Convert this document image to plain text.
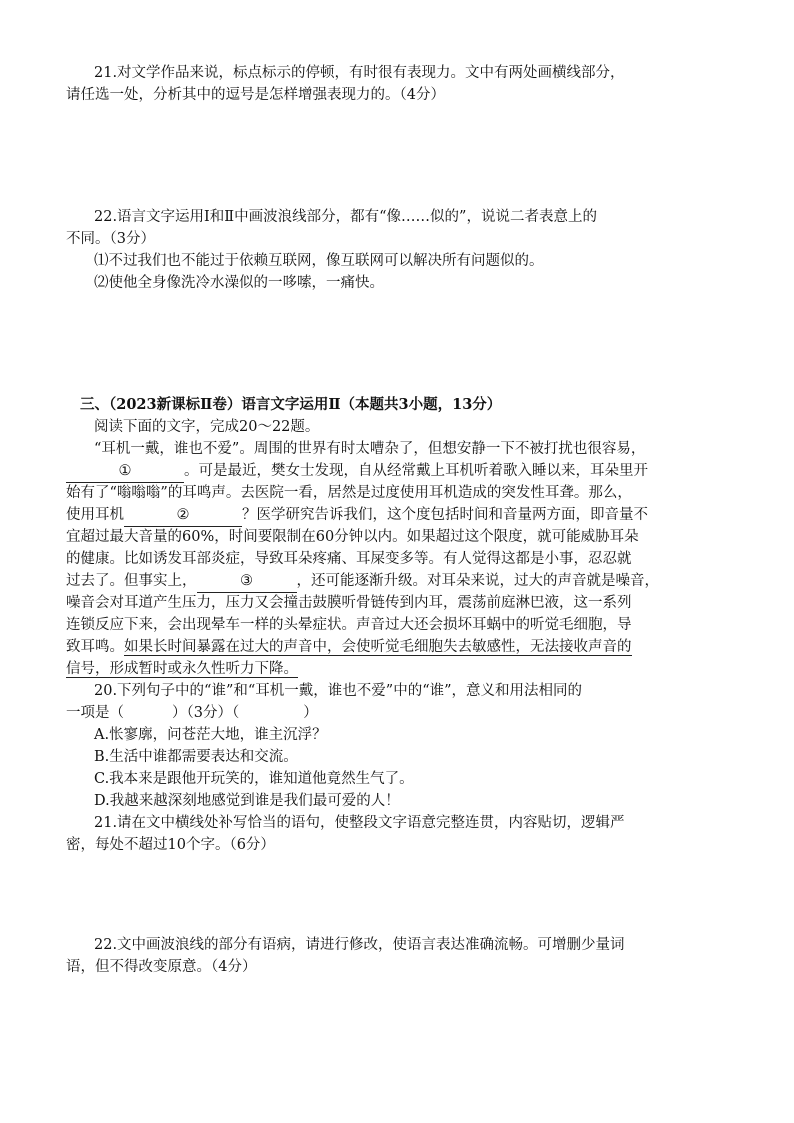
21.对文学作品来说，标点标示的停顿，有时很有表现力。文中有两处画横线部分，
请任选一处，分析其中的逗号是怎样增强表现力的。（4分）
22.语言文字运用Ⅰ和Ⅱ中画波浪线部分，都有“像……似的”，说说二者表意上的
不同。（3分）
⑴不过我们也不能过于依赖互联网，像互联网可以解决所有问题似的。
⑵使他全身像洗冷水澡似的一哆嗦，一痛快。
三、（2023新课标Ⅱ卷）语言文字运用Ⅱ（本题共3小题，13分）
阅读下面的文字，完成20～22题。
“耳机一戴，谁也不爱”。周围的世界有时太嘈杂了，但想安静一下不被打扰也很容易，
①	。可是最近，樊女士发现，自从经常戴上耳机听着歌入睡以来，耳朵里开
始有了“嗡嗡嗡”的耳鸣声。去医院一看，居然是过度使用耳机造成的突发性耳聋。那么，
使用耳机	②	？医学研究告诉我们，这个度包括时间和音量两方面，即音量不
宜超过最大音量的60%，时间要限制在60分钟以内。如果超过这个限度，就可能威胁耳朵
的健康。比如诱发耳部炎症，导致耳朵疼痛、耳屎变多等。有人觉得这都是小事，忍忍就
过去了。但事实上，	③	，还可能逐渐升级。对耳朵来说，过大的声音就是噪音，
噪音会对耳道产生压力，压力又会撞击鼓膜听骨链传到内耳，震荡前庭淋巴液，这一系列
连锁反应下来，会出现晕车一样的头晕症状。声音过大还会损坏耳蜗中的听觉毛细胞，导
致耳鸣。如果长时间暴露在过大的声音中，会使听觉毛细胞失去敏感性，无法接收声音的
信号，形成暂时或永久性听力下降。
20.下列句子中的“谁”和“耳机一戴，谁也不爱”中的“谁”，意义和用法相同的
一项是（	）（3分）（	）
A.怅寥廓，问苍茫大地，谁主沉浮？
B.生活中谁都需要表达和交流。
C.我本来是跟他开玩笑的，谁知道他竟然生气了。
D.我越来越深刻地感觉到谁是我们最可爱的人！
21.请在文中横线处补写恰当的语句，使整段文字语意完整连贯，内容贴切，逻辑严
密，每处不超过10个字。（6分）
22.文中画波浪线的部分有语病，请进行修改，使语言表达准确流畅。可增删少量词
语，但不得改变原意。（4分）
